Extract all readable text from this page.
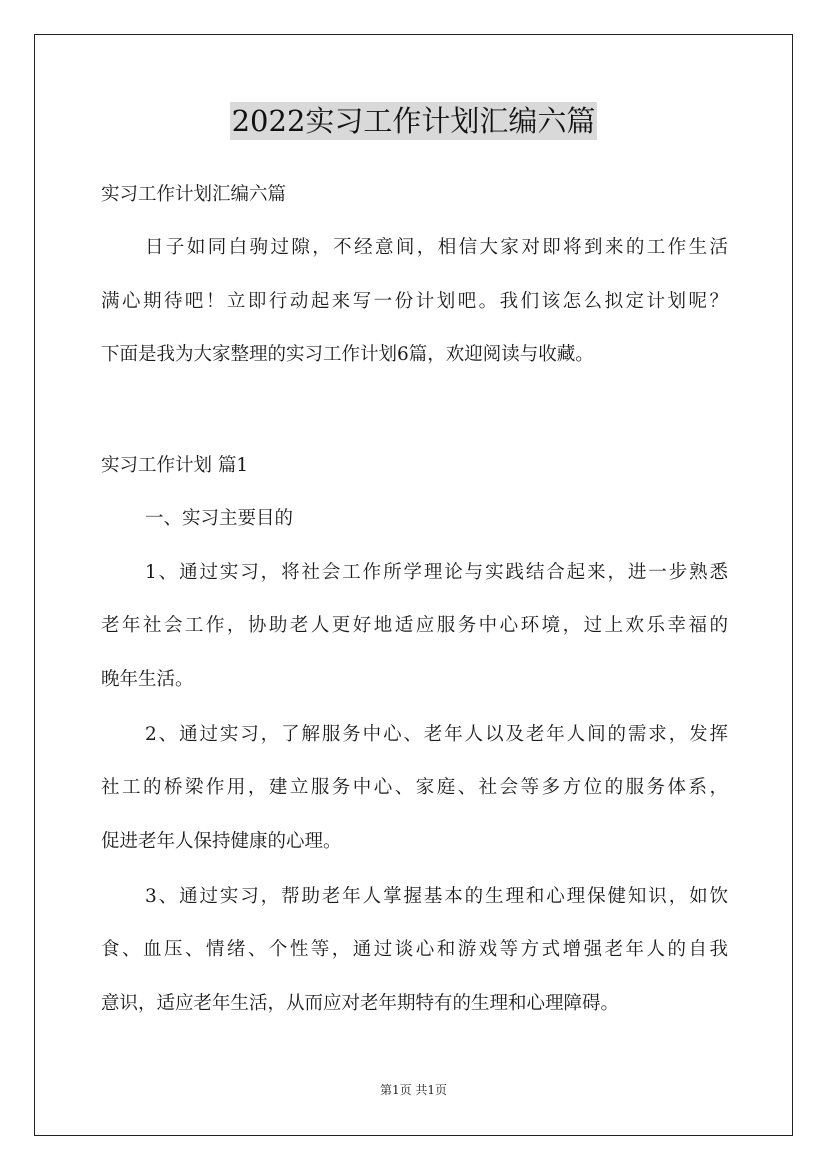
2022实习工作计划汇编六篇
实习工作计划汇编六篇
日子如同白驹过隙，不经意间，相信大家对即将到来的工作生活
满心期待吧！立即行动起来写一份计划吧。我们该怎么拟定计划呢？
下面是我为大家整理的实习工作计划6篇，欢迎阅读与收藏。
实习工作计划 篇1
一、实习主要目的
1、通过实习，将社会工作所学理论与实践结合起来，进一步熟悉
老年社会工作，协助老人更好地适应服务中心环境，过上欢乐幸福的
晚年生活。
2、通过实习，了解服务中心、老年人以及老年人间的需求，发挥
社工的桥梁作用，建立服务中心、家庭、社会等多方位的服务体系，
促进老年人保持健康的心理。
3、通过实习，帮助老年人掌握基本的生理和心理保健知识，如饮
食、血压、情绪、个性等，通过谈心和游戏等方式增强老年人的自我
意识，适应老年生活，从而应对老年期特有的生理和心理障碍。
第1页 共1页
